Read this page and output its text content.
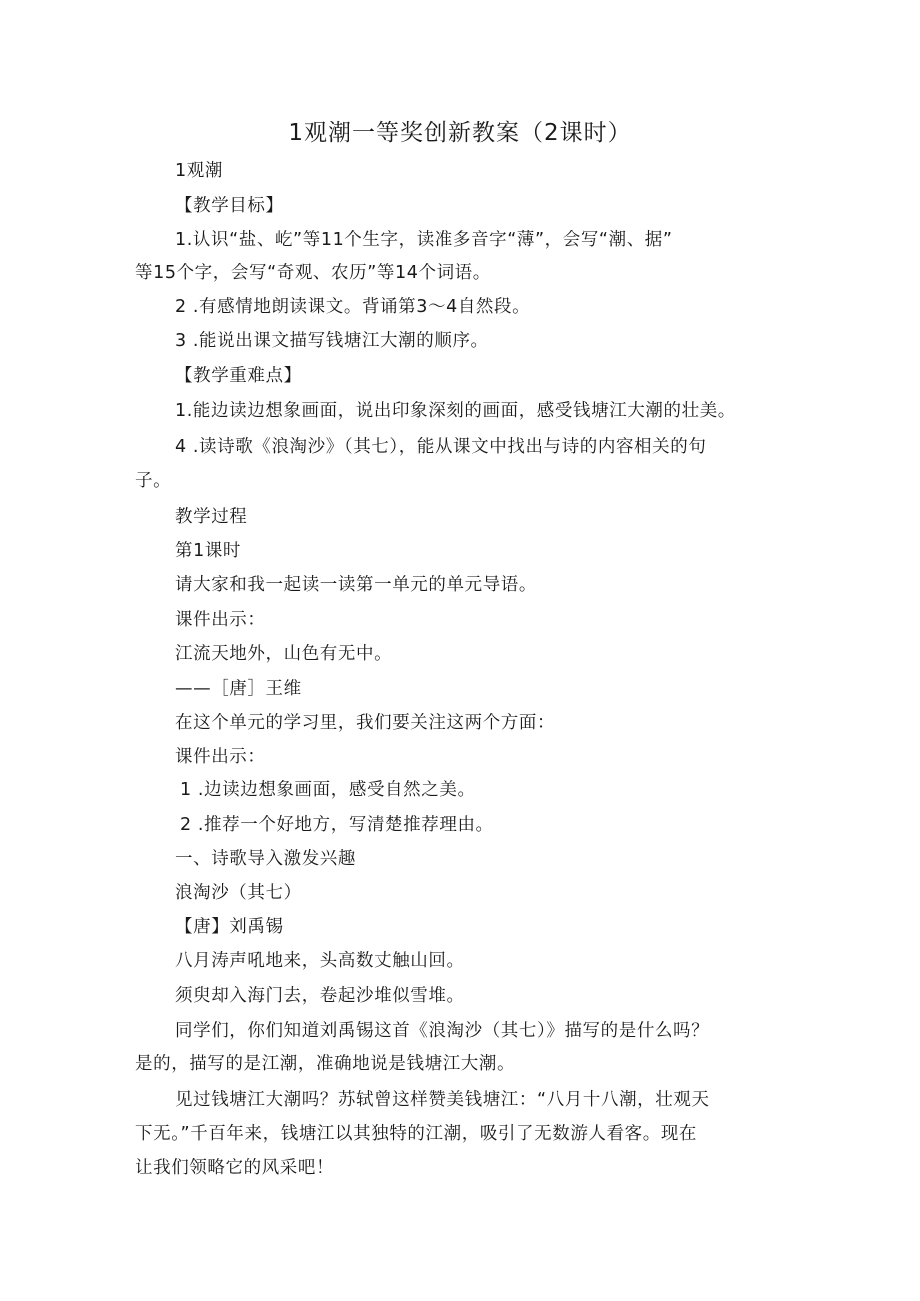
1观潮一等奖创新教案（2课时）
1观潮
【教学目标】
1.认识“盐、屹”等11个生字，读准多音字“薄”，会写“潮、据”
等15个字，会写“奇观、农历”等14个词语。
2 .有感情地朗读课文。背诵第3〜4自然段。
3 .能说出课文描写钱塘江大潮的顺序。
【教学重难点】
1.能边读边想象画面，说出印象深刻的画面，感受钱塘江大潮的壮美。
4 .读诗歌《浪淘沙》（其七），能从课文中找出与诗的内容相关的句
子。
教学过程
第1课时
请大家和我一起读一读第一单元的单元导语。
课件出示：
江流天地外，山色有无中。
——［唐］王维
在这个单元的学习里，我们要关注这两个方面：
课件出示：
1 .边读边想象画面，感受自然之美。
2 .推荐一个好地方，写清楚推荐理由。
一、诗歌导入激发兴趣
浪淘沙（其七）
【唐】刘禹锡
八月涛声吼地来，头高数丈触山回。
须臾却入海门去，卷起沙堆似雪堆。
同学们，你们知道刘禹锡这首《浪淘沙（其七）》描写的是什么吗？
是的，描写的是江潮，准确地说是钱塘江大潮。
见过钱塘江大潮吗？苏轼曾这样赞美钱塘江：“八月十八潮，壮观天
下无。”千百年来，钱塘江以其独特的江潮，吸引了无数游人看客。现在
让我们领略它的风采吧！
